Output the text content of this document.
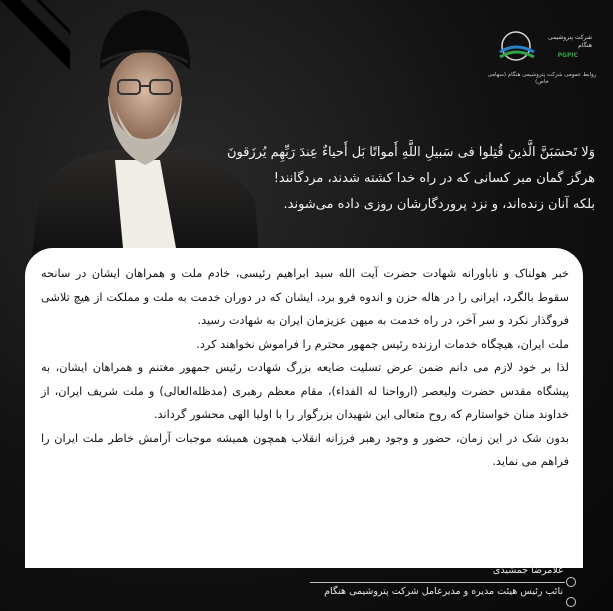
شرکت پتروشیمی هنگام
PGPIC
روابط عمومی شرکت پتروشیمی هنگام (سهامی خاص)

وَلا تَحسَبَنَّ الَّذینَ قُتِلوا فی سَبیلِ اللَّهِ أَمواتًا بَل أَحیاءٌ عِندَ رَبِّهِم یُرزَقونَ

هرگز گمان مبر کسانی که در راه خدا کشته شدند، مردگانند!

بلکه آنان زنده‌اند، و نزد پروردگارشان روزی داده می‌شوند.

خبر هولناک و ناباورانه شهادت حضرت آیت الله سید ابراهیم رئیسی، خادم ملت و همراهان ایشان در سانحه سقوط بالگرد، ایرانی را در هاله حزن و اندوه فرو برد. ایشان که در دوران خدمت به ملت و مملکت از هیچ تلاشی فروگذار نکرد و سر آخر، در راه خدمت به میهن عزیزمان ایران به شهادت رسید.

ملت ایران، هیچگاه خدمات ارزنده رئیس جمهور محترم را فراموش نخواهند کرد.

لذا بر خود لازم می دانم ضمن عرض تسلیت ضایعه بزرگ شهادت رئیس جمهور مغتنم و همراهان ایشان، به پیشگاه مقدس حضرت ولیعصر (ارواحنا له الفداء)، مقام معظم رهبری (مدظله‌العالی) و ملت شریف ایران، از خداوند منان خواستارم که روح متعالی این شهیدان بزرگوار را با اولیا الهی محشور گرداند.

بدون شک در این زمان، حضور و وجود رهبر فرزانه انقلاب همچون همیشه موجبات آرامش خاطر ملت ایران را فراهم می نماید.

غلامرضا جمشیدی
نائب رئیس هیئت مدیره و مدیرعامل شرکت پتروشیمی هنگام
